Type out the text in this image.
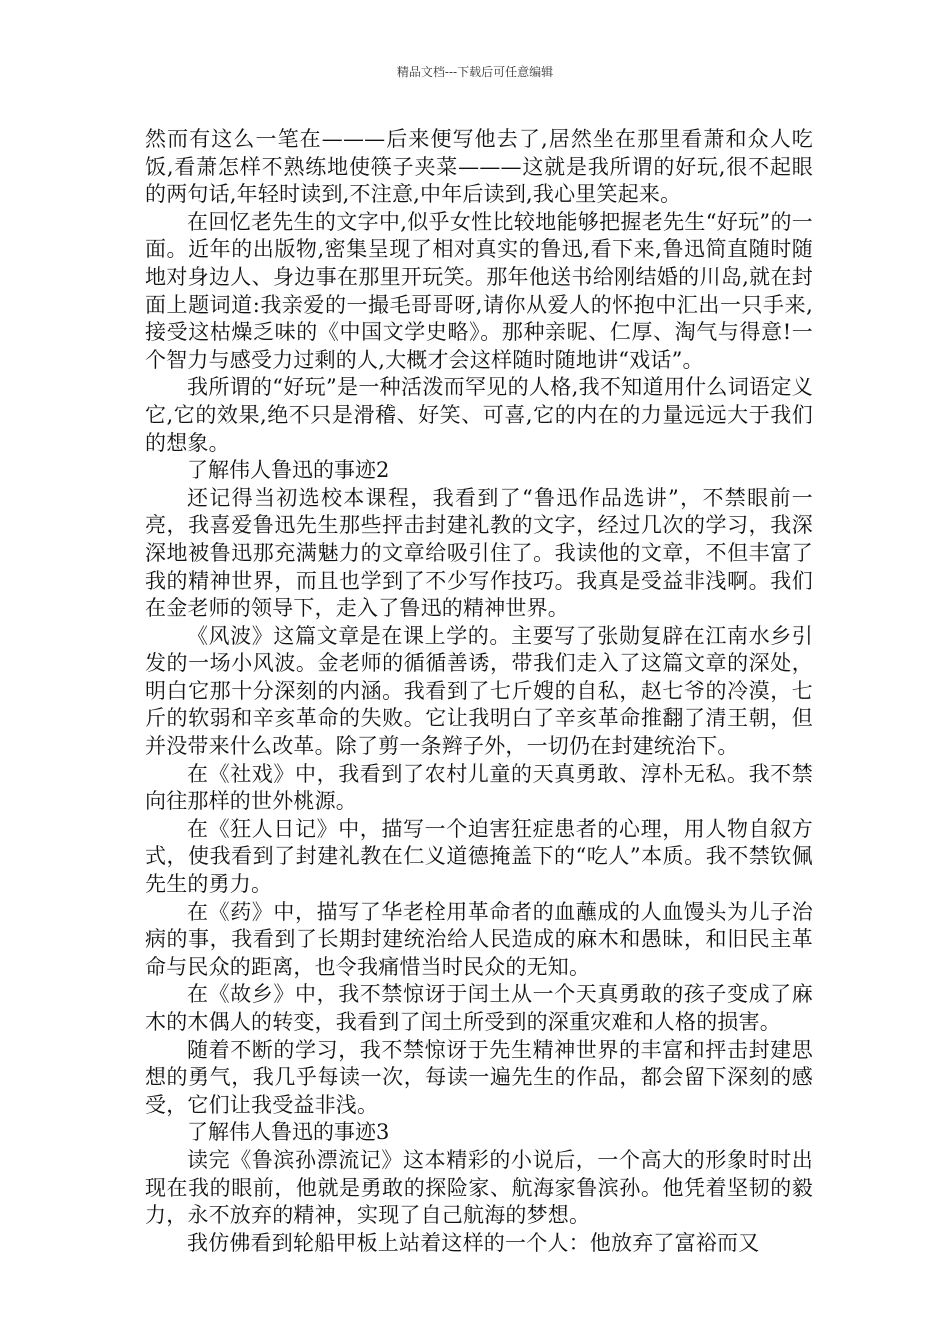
精品文档---下载后可任意编辑

然而有这么一笔在———后来便写他去了,居然坐在那里看萧和众人吃饭,看萧怎样不熟练地使筷子夹菜———这就是我所谓的好玩,很不起眼的两句话,年轻时读到,不注意,中年后读到,我心里笑起来。

在回忆老先生的文字中,似乎女性比较地能够把握老先生“好玩”的一面。近年的出版物,密集呈现了相对真实的鲁迅,看下来,鲁迅简直随时随地对身边人、身边事在那里开玩笑。那年他送书给刚结婚的川岛,就在封面上题词道:我亲爱的一撮毛哥哥呀,请你从爱人的怀抱中汇出一只手来,接受这枯燥乏味的《中国文学史略》。那种亲昵、仁厚、淘气与得意!一个智力与感受力过剩的人,大概才会这样随时随地讲“戏话”。

我所谓的“好玩”是一种活泼而罕见的人格,我不知道用什么词语定义它,它的效果,绝不只是滑稽、好笑、可喜,它的内在的力量远远大于我们的想象。

了解伟人鲁迅的事迹2

还记得当初选校本课程，我看到了“鲁迅作品选讲”，不禁眼前一亮，我喜爱鲁迅先生那些抨击封建礼教的文字，经过几次的学习，我深深地被鲁迅那充满魅力的文章给吸引住了。我读他的文章，不但丰富了我的精神世界，而且也学到了不少写作技巧。我真是受益非浅啊。我们在金老师的领导下，走入了鲁迅的精神世界。

《风波》这篇文章是在课上学的。主要写了张勋复辟在江南水乡引发的一场小风波。金老师的循循善诱，带我们走入了这篇文章的深处，明白它那十分深刻的内涵。我看到了七斤嫂的自私，赵七爷的冷漠，七斤的软弱和辛亥革命的失败。它让我明白了辛亥革命推翻了清王朝，但并没带来什么改革。除了剪一条辫子外，一切仍在封建统治下。

在《社戏》中，我看到了农村儿童的天真勇敢、淳朴无私。我不禁向往那样的世外桃源。

在《狂人日记》中，描写一个迫害狂症患者的心理，用人物自叙方式，使我看到了封建礼教在仁义道德掩盖下的“吃人”本质。我不禁钦佩先生的勇力。

在《药》中，描写了华老栓用革命者的血蘸成的人血馒头为儿子治病的事，我看到了长期封建统治给人民造成的麻木和愚昧，和旧民主革命与民众的距离，也令我痛惜当时民众的无知。

在《故乡》中，我不禁惊讶于闰土从一个天真勇敢的孩子变成了麻木的木偶人的转变，我看到了闰土所受到的深重灾难和人格的损害。

随着不断的学习，我不禁惊讶于先生精神世界的丰富和抨击封建思想的勇气，我几乎每读一次，每读一遍先生的作品，都会留下深刻的感受，它们让我受益非浅。

了解伟人鲁迅的事迹3

读完《鲁滨孙漂流记》这本精彩的小说后，一个高大的形象时时出现在我的眼前，他就是勇敢的探险家、航海家鲁滨孙。他凭着坚韧的毅力，永不放弃的精神，实现了自己航海的梦想。

我仿佛看到轮船甲板上站着这样的一个人：他放弃了富裕而又
